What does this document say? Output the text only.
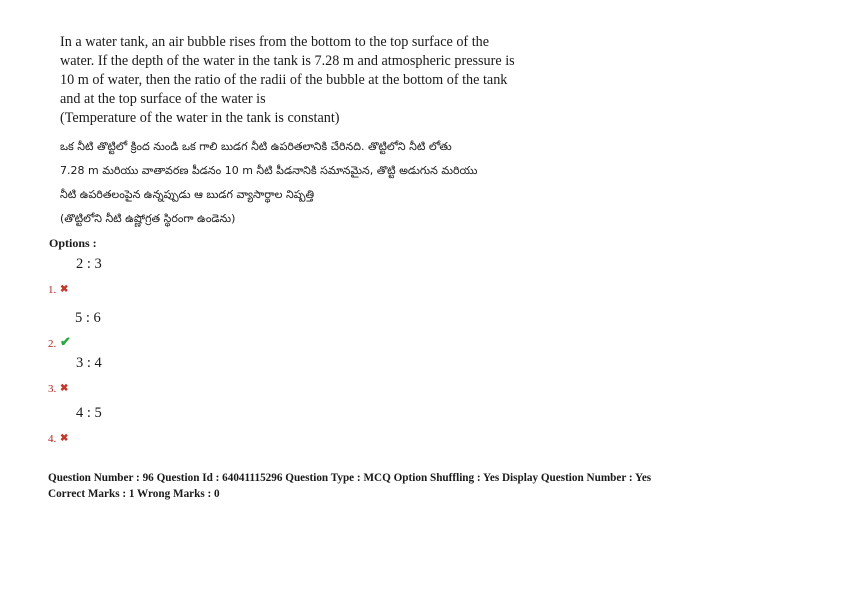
In a water tank, an air bubble rises from the bottom to the top surface of the
water. If the depth of the water in the tank is 7.28 m and atmospheric pressure is
10 m of water, then the ratio of the radii of the bubble at the bottom of the tank
and at the top surface of the water is
(Temperature of the water in the tank is constant)
ఒక నీటి తొట్టిలో క్రింద నుండి ఒక గాలి బుడగ నీటి ఉపరితలానికి చేరినది. తొట్టిలోని నీటి లోతు
7.28 m మరియు వాతావరణ పీడనం 10 m నీటి పీడనానికి సమానమైన, తొట్టి అడుగున మరియు
నీటి ఉపరితలంపైన ఉన్నప్పుడు ఆ బుడగ వ్యాసార్థాల నిష్పత్తి
(తొట్టిలోని నీటి ఉష్ణోగ్రత స్థిరంగా ఉండెను)
Options :
2 : 3
1. ✖
5 : 6
2. ✔
3 : 4
3. ✖
4 : 5
4. ✖
Question Number : 96 Question Id : 64041115296 Question Type : MCQ Option Shuffling : Yes Display Question Number : Yes
Correct Marks : 1 Wrong Marks : 0
